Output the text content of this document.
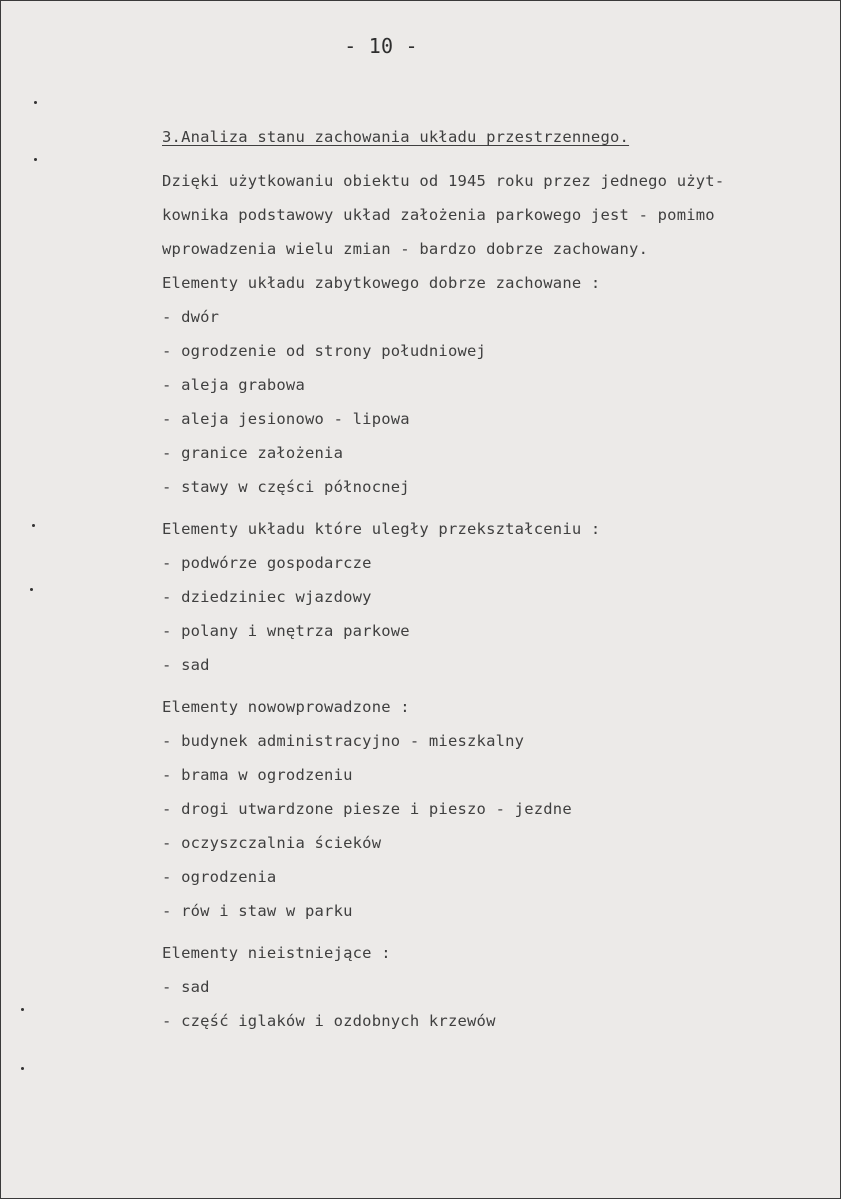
- 10 -
3.Analiza stanu zachowania układu przestrzennego.
Dzięki użytkowaniu obiektu od 1945 roku przez jednego użyt-
kownika podstawowy układ założenia parkowego jest - pomimo
wprowadzenia wielu zmian - bardzo dobrze zachowany.
Elementy układu zabytkowego dobrze zachowane :
- dwór
- ogrodzenie od strony południowej
- aleja grabowa
- aleja jesionowo - lipowa
- granice założenia
- stawy w części północnej
Elementy układu które uległy przekształceniu :
- podwórze gospodarcze
- dziedziniec wjazdowy
- polany i wnętrza parkowe
- sad
Elementy nowowprowadzone :
- budynek administracyjno - mieszkalny
- brama w ogrodzeniu
- drogi utwardzone piesze i pieszo - jezdne
- oczyszczalnia ścieków
- ogrodzenia
- rów i staw w parku
Elementy nieistniejące :
- sad
- część iglaków i ozdobnych krzewów
